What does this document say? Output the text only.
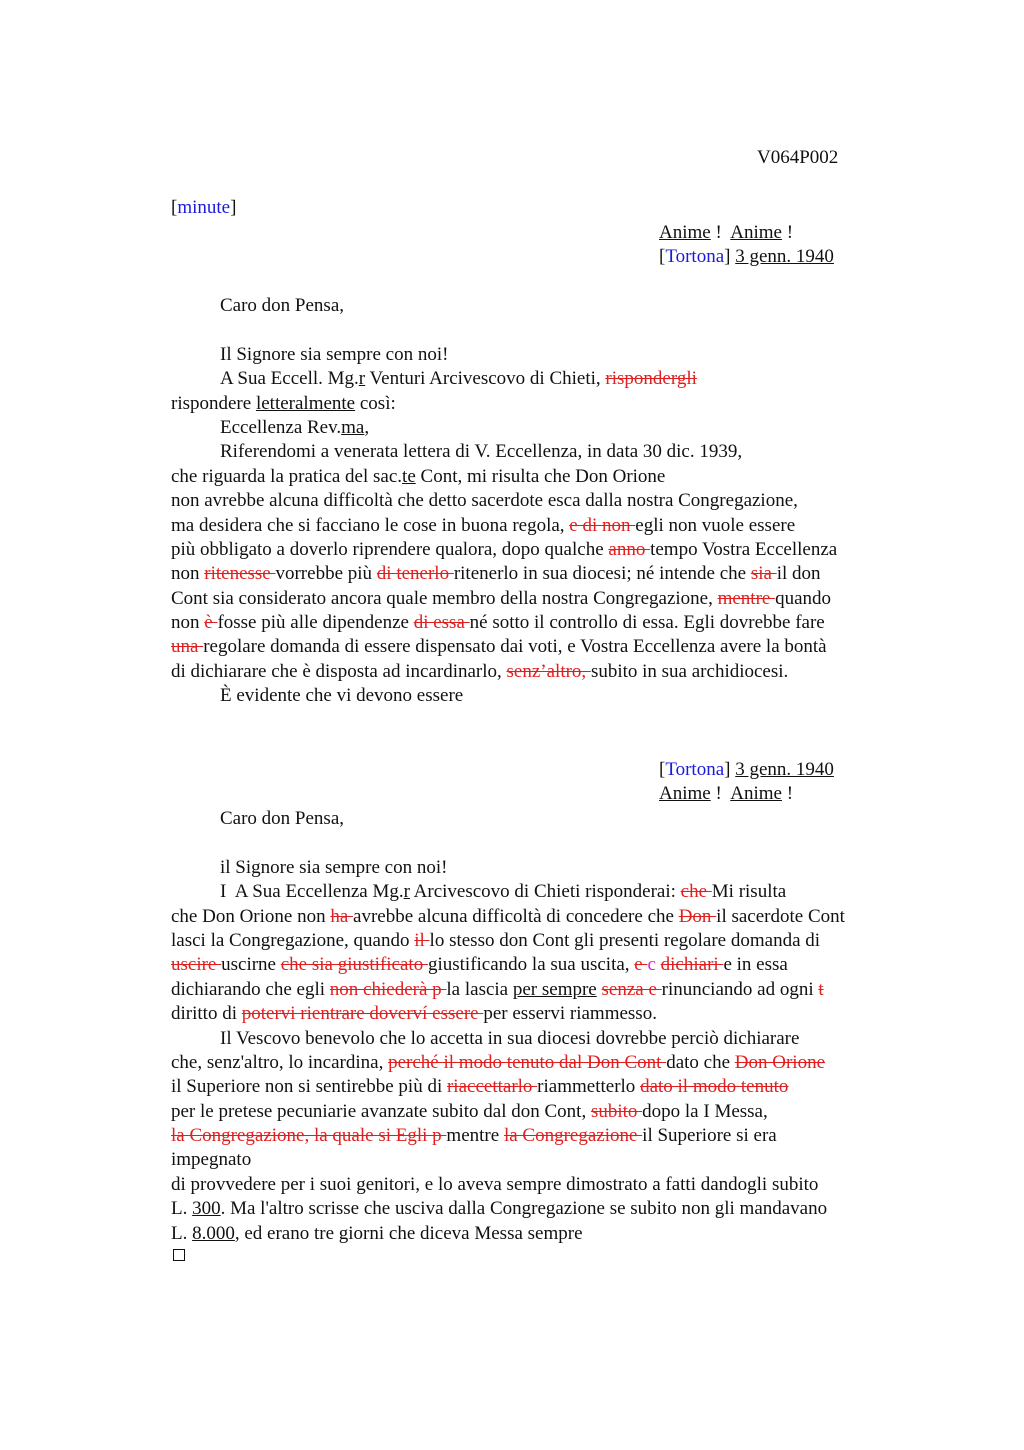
V064P002
[minute]
Anime !  Anime !
[Tortona] 3 genn. 1940
Caro don Pensa,
Il Signore sia sempre con noi!
A Sua Eccell. Mg.r Venturi Arcivescovo di Chieti, rispondergli
rispondere letteralmente così:
Eccellenza Rev.ma,
Riferendomi a venerata lettera di V. Eccellenza, in data 30 dic. 1939,
che riguarda la pratica del sac.te Cont, mi risulta che Don Orione
non avrebbe alcuna difficoltà che detto sacerdote esca dalla nostra Congregazione,
ma desidera che si facciano le cose in buona regola, e di non egli non vuole essere
più obbligato a doverlo riprendere qualora, dopo qualche anno tempo Vostra Eccellenza
non ritenesse vorrebbe più di tenerlo ritenerlo in sua diocesi; né intende che sia il don
Cont sia considerato ancora quale membro della nostra Congregazione, mentre quando
non è fosse più alle dipendenze di essa né sotto il controllo di essa. Egli dovrebbe fare
una regolare domanda di essere dispensato dai voti, e Vostra Eccellenza avere la bontà
di dichiarare che è disposta ad incardinarlo, senz’altro, subito in sua archidiocesi.
È evidente che vi devono essere
[Tortona] 3 genn. 1940
Anime !  Anime !
Caro don Pensa,
il Signore sia sempre con noi!
I  A Sua Eccellenza Mg.r Arcivescovo di Chieti risponderai: che Mi risulta
che Don Orione non ha avrebbe alcuna difficoltà di concedere che Don il sacerdote Cont
lasci la Congregazione, quando il lo stesso don Cont gli presenti regolare domanda di
uscire uscirne che sia giustificato giustificando la sua uscita, e c dichiari e in essa
dichiarando che egli non chiederà p la lascia per sempre senza e rinunciando ad ogni t
diritto di potervi rientrare doverví essere per esservi riammesso.
Il Vescovo benevolo che lo accetta in sua diocesi dovrebbe perciò dichiarare
che, senz'altro, lo incardina, perché il modo tenuto dal Don Cont dato che Don Orione
il Superiore non si sentirebbe più di riaccettarlo riammetterlo dato il modo tenuto
per le pretese pecuniarie avanzate subito dal don Cont, subito dopo la I Messa,
la Congregazione, la quale si Egli p mentre la Congregazione il Superiore si era
impegnato
di provvedere per i suoi genitori, e lo aveva sempre dimostrato a fatti dandogli subito
L. 300. Ma l'altro scrisse che usciva dalla Congregazione se subito non gli mandavano
L. 8.000, ed erano tre giorni che diceva Messa sempre
